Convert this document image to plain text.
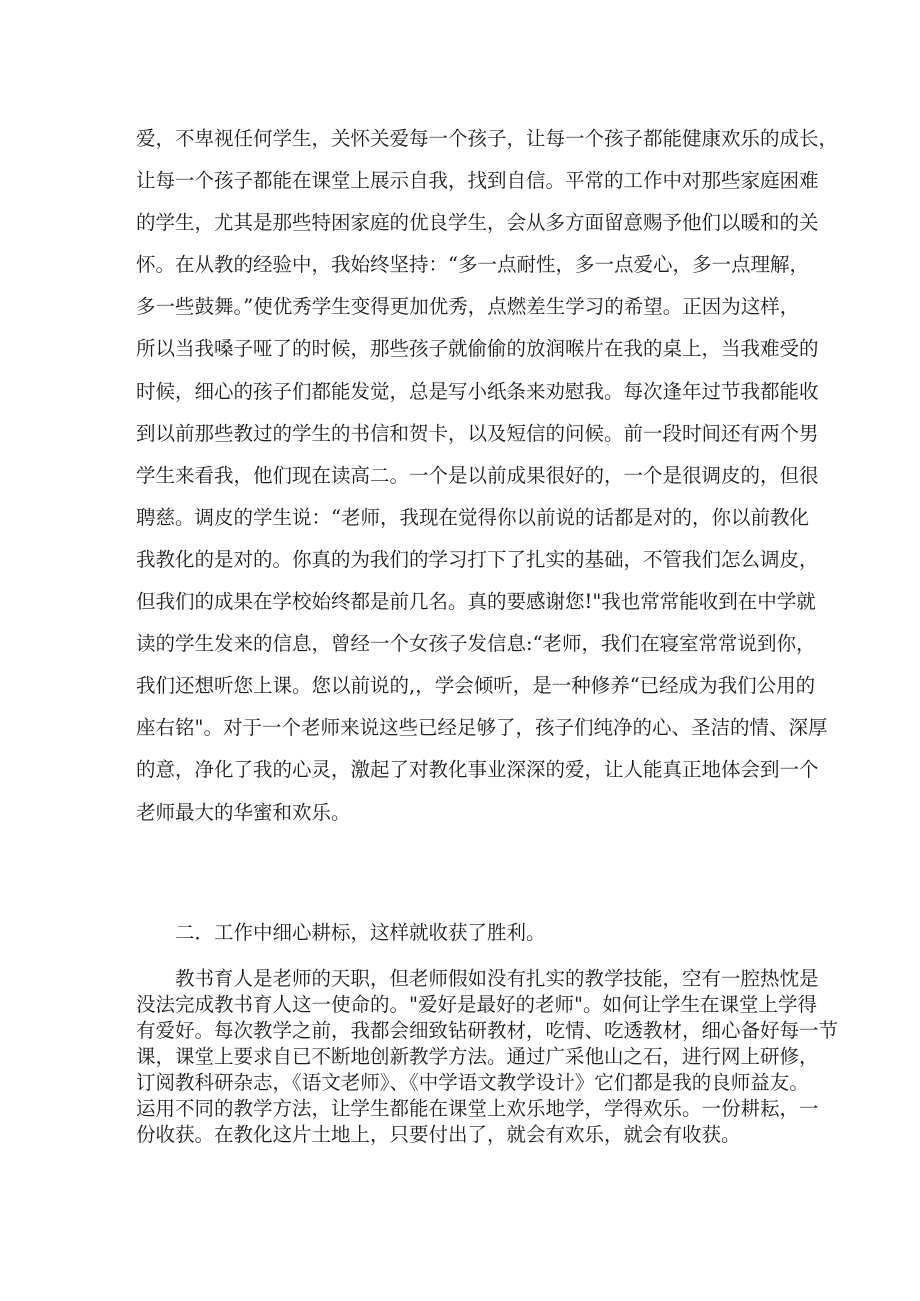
爱，不卑视任何学生，关怀关爱每一个孩子，让每一个孩子都能健康欢乐的成长，
让每一个孩子都能在课堂上展示自我，找到自信。平常的工作中对那些家庭困难
的学生，尤其是那些特困家庭的优良学生，会从多方面留意赐予他们以暖和的关
怀。在从教的经验中，我始终坚持：“多一点耐性，多一点爱心，多一点理解，
多一些鼓舞。”使优秀学生变得更加优秀，点燃差生学习的希望。正因为这样，
所以当我嗓子哑了的时候，那些孩子就偷偷的放润喉片在我的桌上，当我难受的
时候，细心的孩子们都能发觉，总是写小纸条来劝慰我。每次逢年过节我都能收
到以前那些教过的学生的书信和贺卡，以及短信的问候。前一段时间还有两个男
学生来看我，他们现在读高二。一个是以前成果很好的，一个是很调皮的，但很
聘慈。调皮的学生说：“老师，我现在觉得你以前说的话都是对的，你以前教化
我教化的是对的。你真的为我们的学习打下了扎实的基础，不管我们怎么调皮，
但我们的成果在学校始终都是前几名。真的要感谢您!"我也常常能收到在中学就
读的学生发来的信息，曾经一个女孩子发信息:“老师，我们在寝室常常说到你，
我们还想听您上课。您以前说的,，学会倾听，是一种修养“已经成为我们公用的
座右铭"。对于一个老师来说这些已经足够了，孩子们纯净的心、圣洁的情、深厚
的意，净化了我的心灵，激起了对教化事业深深的爱，让人能真正地体会到一个
老师最大的华蜜和欢乐。
二．工作中细心耕标，这样就收获了胜利。
教书育人是老师的天职，但老师假如没有扎实的教学技能，空有一腔热忱是
没法完成教书育人这一使命的。"爱好是最好的老师"。如何让学生在课堂上学得
有爱好。每次教学之前，我都会细致钻研教材，吃情、吃透教材，细心备好每一节
课，课堂上要求自已不断地创新教学方法。通过广采他山之石，进行网上研修，
订阅教科研杂志，《语文老师》、《中学语文教学设计》它们都是我的良师益友。
运用不同的教学方法，让学生都能在课堂上欢乐地学，学得欢乐。一份耕耘，一
份收获。在教化这片土地上，只要付出了，就会有欢乐，就会有收获。
